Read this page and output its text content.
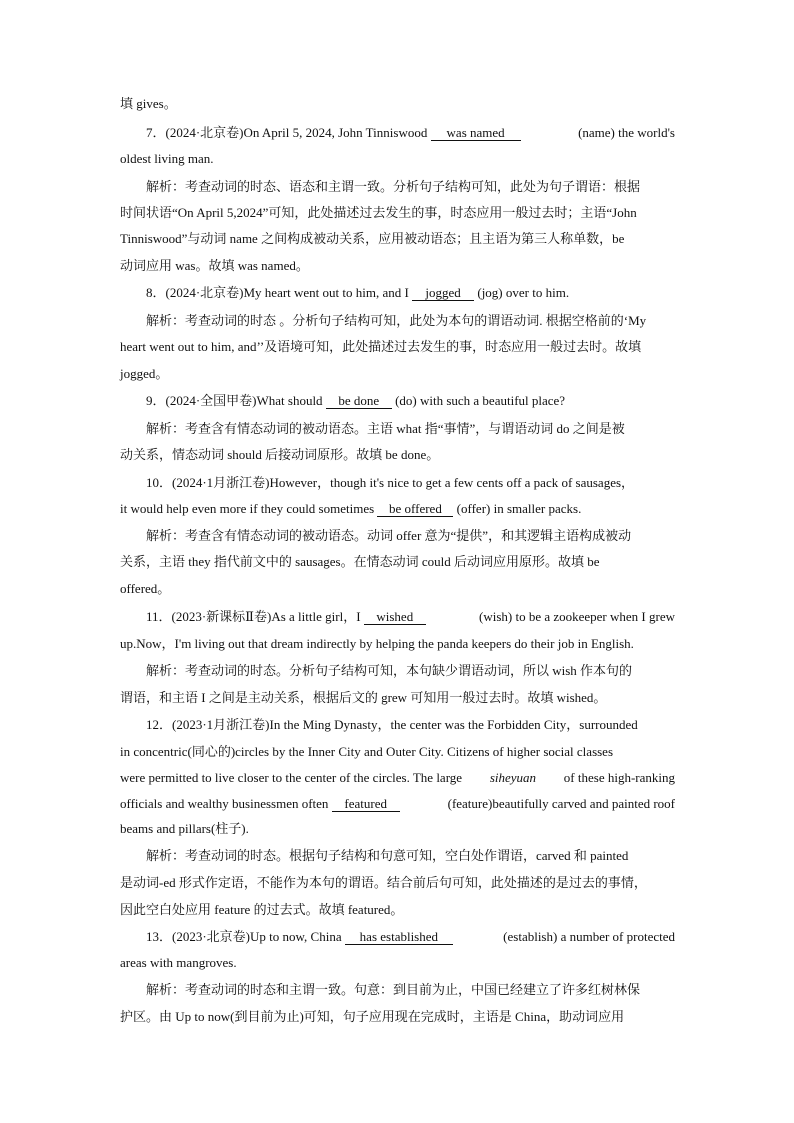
填 gives。
7．(2024·北京卷)On April 5, 2024, John Tinniswood was named	(name) the world's
oldest living man.
解析：考查动词的时态、语态和主谓一致。分析句子结构可知，此处为句子谓语：根据
时间状语“On April 5,2024”可知，此处描述过去发生的事，时态应用一般过去时；主语“John
Tinniswood”与动词 name 之间构成被动关系，应用被动语态；且主语为第三人称单数，be
动词应用 was。故填 was named。
8．(2024·北京卷)My heart went out to him, and I jogged (jog) over to him.
解析：考查动词的时态 。分析句子结构可知，此处为本句的谓语动词. 根据空格前的‘My
heart went out to him, and’’及语境可知，此处描述过去发生的事，时态应用一般过去时。故填
jogged。
9．(2024·全国甲卷)What should be done (do) with such a beautiful place?
解析：考查含有情态动词的被动语态。主语 what 指“事情”，与谓语动词 do 之间是被
动关系，情态动词 should 后接动词原形。故填 be done。
10．(2024·1月浙江卷)However，though it's nice to get a few cents off a pack of sausages，
it would help even more if they could sometimes be offered (offer) in smaller packs.
解析：考查含有情态动词的被动语态。动词 offer 意为“提供”，和其逻辑主语构成被动
关系，主语 they 指代前文中的 sausages。在情态动词 could 后动词应用原形。故填 be
offered。
11．(2023·新课标Ⅱ卷)As a little girl，I wished	(wish) to be a zookeeper when I grew
up.Now，I'm living out that dream indirectly by helping the panda keepers do their job in English.
解析：考查动词的时态。分析句子结构可知，本句缺少谓语动词，所以 wish 作本句的
谓语，和主语 I 之间是主动关系，根据后文的 grew 可知用一般过去时。故填 wished。
12．(2023·1月浙江卷)In the Ming Dynasty，the center was the Forbidden City，surrounded
in concentric(同心的)circles by the Inner City and Outer City. Citizens of higher social classes
were permitted to live closer to the center of the circles. The large siheyuan of these high-ranking
officials and wealthy businessmen often featured	(feature)beautifully carved and painted roof
beams and pillars(柱子).
解析：考查动词的时态。根据句子结构和句意可知，空白处作谓语，carved 和 painted
是动词-ed 形式作定语，不能作为本句的谓语。结合前后句可知，此处描述的是过去的事情，
因此空白处应用 feature 的过去式。故填 featured。
13．(2023·北京卷)Up to now, China has established	(establish) a number of protected
areas with mangroves.
解析：考查动词的时态和主谓一致。句意：到目前为止，中国已经建立了许多红树林保
护区。由 Up to now(到目前为止)可知，句子应用现在完成时，主语是 China，助动词应用
